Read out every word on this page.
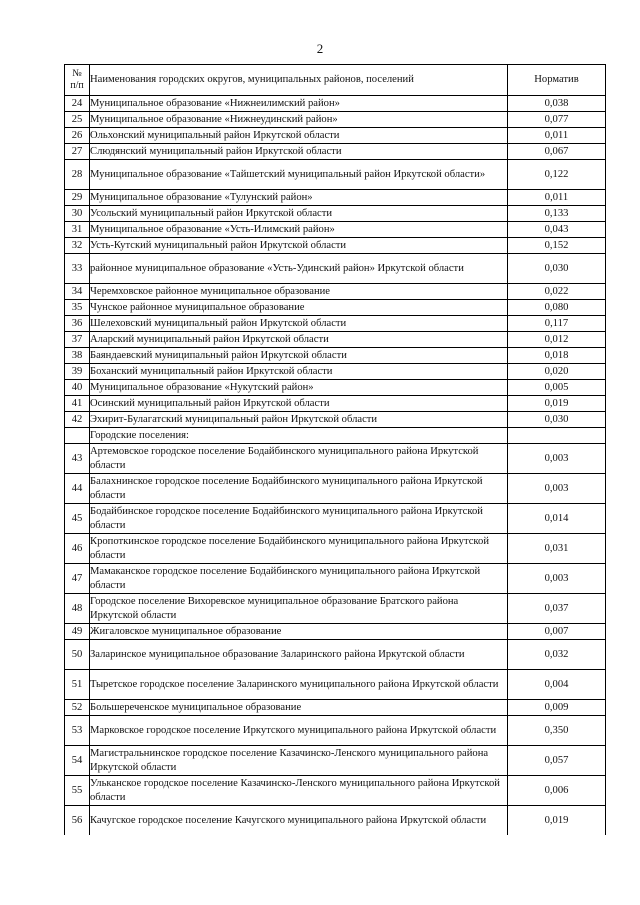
2
№
п/п	Наименования городских округов, муниципальных районов, поселений	Норматив
24	Муниципальное образование «Нижнеилимский район»	0,038
25	Муниципальное образование «Нижнеудинский район»	0,077
26	Ольхонский муниципальный район Иркутской области	0,011
27	Слюдянский муниципальный район Иркутской области	0,067
28	Муниципальное образование «Тайшетский муниципальный район Иркутской области»	0,122
29	Муниципальное образование «Тулунский район»	0,011
30	Усольский муниципальный район Иркутской области	0,133
31	Муниципальное образование «Усть-Илимский район»	0,043
32	Усть-Кутский муниципальный район Иркутской области	0,152
33	районное муниципальное образование «Усть-Удинский район» Иркутской области	0,030
34	Черемховское районное муниципальное образование	0,022
35	Чунское районное муниципальное образование	0,080
36	Шелеховский муниципальный район Иркутской области	0,117
37	Аларский муниципальный район Иркутской области	0,012
38	Баяндаевский муниципальный район Иркутской области	0,018
39	Боханский муниципальный район Иркутской области	0,020
40	Муниципальное образование «Нукутский район»	0,005
41	Осинский муниципальный район Иркутской области	0,019
42	Эхирит-Булагатский муниципальный район Иркутской области	0,030
	Городские поселения:	
43	Артемовское городское поселение Бодайбинского муниципального района Иркутской области	0,003
44	Балахнинское городское поселение Бодайбинского муниципального района Иркутской области	0,003
45	Бодайбинское городское поселение Бодайбинского муниципального района Иркутской области	0,014
46	Кропоткинское городское поселение Бодайбинского муниципального района Иркутской области	0,031
47	Мамаканское городское поселение Бодайбинского муниципального района Иркутской области	0,003
48	Городское поселение Вихоревское муниципальное образование Братского района Иркутской области	0,037
49	Жигаловское муниципальное образование	0,007
50	Заларинское муниципальное образование Заларинского района Иркутской области	0,032
51	Тыретское городское поселение Заларинского муниципального района Иркутской области	0,004
52	Большереченское муниципальное образование	0,009
53	Марковское городское поселение Иркутского муниципального района Иркутской области	0,350
54	Магистральнинское городское поселение Казачинско-Ленского муниципального района Иркутской области	0,057
55	Ульканское городское поселение Казачинско-Ленского муниципального района Иркутской области	0,006
56	Качугское городское поселение Качугского муниципального района Иркутской области	0,019
